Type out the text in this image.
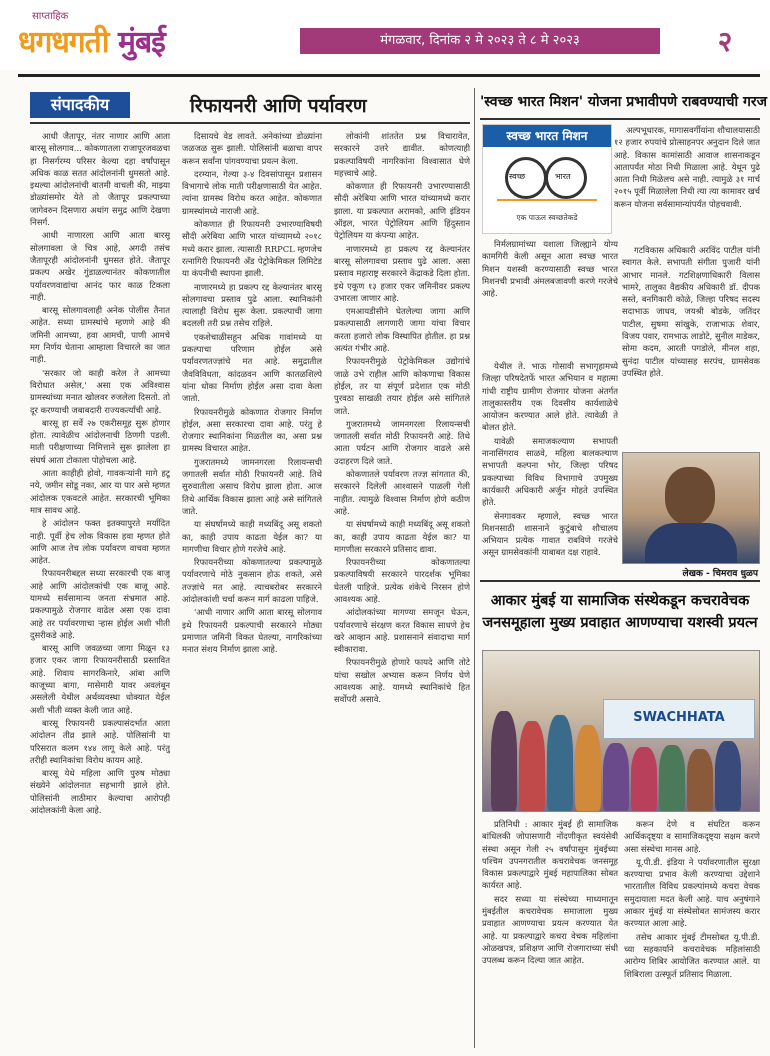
साप्ताहिक
धगधगती मुंबई	मंगळवार, दिनांक २ मे २०२३ ते ८ मे २०२३	२
संपादकीय	रिफायनरी आणि पर्यावरण

आधी जैतापूर, नंतर नाणार आणि आता बारसू सोलगाव... कोकणातला राजापूरजवळचा हा निसर्गरम्य परिसर केल्या दहा वर्षांपासून अधिक काळ सतत आंदोलनांनी धुमसतो आहे. इथल्या आंदोलनांची बातमी वाचली की, माझ्या डोळ्यांसमोर येते तो जैतापूर प्रकल्पाच्या जागेवरुन दिसणारा अथांग समुद्र आणि देखणा निसर्ग.

आधी नाणारला आणि आता बारसू सोलगावला जे चित्र आहे, अगदी तसंच जैतापूरही आंदोलनांनी धुमसत होते. जैतापूर प्रकल्प अखेर गुंडाळल्यानंतर कोकणातील पर्यावरणवाद्यांचा आनंद फार काळ टिकला नाही.

बारसू सोलगावलाही अनेक पोलीस तैनात आहेत. सध्या ग्रामस्थांचे म्हणणे आहे की जमिनी आमच्या, हवा आमची, पाणी आमचे मग निर्णय घेताना आम्हाला विचारले का जात नाही.

'सरकार जो काही करेल ते आमच्या विरोधात असेल,' असा एक अविश्वास ग्रामस्थांच्या मनात खोलवर रुजलेला दिसतो. तो दूर करण्याची जबाबदारी राज्यकर्त्यांची आहे.

बारसू हा सर्वे २७ एकरीसमूह सुरू होणार होता. त्यावेळीच आंदोलनाची ठिणगी पडली. माती परीक्षणाच्या निमित्ताने सुरू झालेला हा संघर्ष आता टोकाला पोहोचला आहे.

आता काहीही होवो, गावकऱ्यांनी मागे हटू नये, जमीन सोडू नका, आर या पार असे म्हणत आंदोलक एकवटले आहेत. सरकारची भूमिका मात्र सावध आहे.

हे आंदोलन फक्त इतक्यापुरते मर्यादित नाही. पूर्वी हेच लोक विकास हवा म्हणत होते आणि आज तेच लोक पर्यावरण वाचवा म्हणत आहेत.

रिफायनरीबद्दल सध्या सरकारची एक बाजू आहे आणि आंदोलकांची एक बाजू आहे. यामध्ये सर्वसामान्य जनता संभ्रमात आहे. प्रकल्पामुळे रोजगार वाढेल असा एक दावा आहे तर पर्यावरणाचा ऱ्हास होईल अशी भीती दुसरीकडे आहे.

बारसू आणि जवळच्या जागा मिळून १३ हजार एकर जागा रिफायनरीसाठी प्रस्तावित आहे. शिवाय सागरकिनारे, आंबा आणि काजूच्या बागा, मासेमारी यावर अवलंबून असलेली येथील अर्थव्यवस्था धोक्यात येईल अशी भीती व्यक्त केली जात आहे.

बारसू रिफायनरी प्रकल्पासंदर्भात आता आंदोलन तीव्र झाले आहे. पोलिसांनी या परिसरात कलम १४४ लागू केले आहे. परंतु तरीही स्थानिकांचा विरोध कायम आहे.

बारसू येथे महिला आणि पुरुष मोठ्या संख्येने आंदोलनात सहभागी झाले होते. पोलिसांनी लाठीमार केल्याचा आरोपही आंदोलकांनी केला आहे.

दिसायचे वेड लावते. अनेकांच्या डोळ्यांना जळजळ सुरू झाली. पोलिसांनी बळाचा वापर करून सर्वांना पांगवण्याचा प्रयत्न केला.

दरम्यान, गेल्या ३-४ दिवसांपासून प्रशासन विभागाचे लोक माती परीक्षणासाठी येत आहेत. त्यांना ग्रामस्थ विरोध करत आहेत. कोकणात ग्रामस्थांमध्ये नाराजी आहे.

कोकणात ही रिफायनरी उभारण्याविषयी सौदी अरेबिया आणि भारत यांच्यामध्ये २०१८ मध्ये करार झाला. त्यासाठी RRPCL म्हणजेच रत्नागिरी रिफायनरी अँड पेट्रोकेमिकल लिमिटेड या कंपनीची स्थापना झाली.

नाणारमध्ये हा प्रकल्प रद्द केल्यानंतर बारसू सोलगावचा प्रस्ताव पुढे आला. स्थानिकांनी त्यालाही विरोध सुरू केला. प्रकल्पाची जागा बदलली तरी प्रश्न तसेच राहिले.

एकशेचाळीसहून अधिक गावांमध्ये या प्रकल्पाचा परिणाम होईल असे पर्यावरणतज्ज्ञांचे मत आहे. समुद्रातील जैवविविधता, कांदळवन आणि कातळशिल्पे यांना धोका निर्माण होईल असा दावा केला जातो.

रिफायनरीमुळे कोकणात रोजगार निर्माण होईल, असा सरकारचा दावा आहे. परंतु हे रोजगार स्थानिकांना मिळतील का, असा प्रश्न ग्रामस्थ विचारत आहेत.

गुजरातमध्ये जामनगरला रिलायन्सची जगातली सर्वात मोठी रिफायनरी आहे. तिथे सुरुवातीला असाच विरोध झाला होता. आज तिथे आर्थिक विकास झाला आहे असे सांगितले जाते.

या संघर्षामध्ये काही मध्यबिंदू असू शकतो का, काही उपाय काढता येईल का? या मागणीचा विचार होणे गरजेचे आहे.

रिफायनरीच्या कोकणातल्या प्रकल्पामुळे पर्यावरणाचे मोठे नुकसान होऊ शकते, असे तज्ज्ञांचे मत आहे. त्याचबरोबर सरकारने आंदोलकांशी चर्चा करून मार्ग काढला पाहिजे.

'आधी नाणार आणि आता बारसू सोलगाव इथे रिफायनरी प्रकल्पाची सरकारने मोठ्या प्रमाणात जमिनी विकत घेतल्या, नागरिकांच्या मनात संशय निर्माण झाला आहे.

लोकांनी शांततेत प्रश्न विचारावेत, सरकारने उत्तरे द्यावीत. कोणत्याही प्रकल्पाविषयी नागरिकांना विश्वासात घेणे महत्त्वाचे आहे.

कोकणात ही रिफायनरी उभारण्यासाठी सौदी अरेबिया आणि भारत यांच्यामध्ये करार झाला. या प्रकल्पात अरामको, आणि इंडियन ऑइल, भारत पेट्रोलियम आणि हिंदुस्तान पेट्रोलियम या कंपन्या आहेत.

नाणारमध्ये हा प्रकल्प रद्द केल्यानंतर बारसू सोलगावचा प्रस्ताव पुढे आला. असा प्रस्ताव महाराष्ट्र सरकारने केंद्राकडे दिला होता. इथे एकूण १३ हजार एकर जमिनीवर प्रकल्प उभारला जाणार आहे.

एमआयडीसीने घेतलेल्या जागा आणि प्रकल्पासाठी लागणारी जागा यांचा विचार करता हजारो लोक विस्थापित होतील. हा प्रश्न अत्यंत गंभीर आहे.

रिफायनरीमुळे पेट्रोकेमिकल उद्योगांचे जाळे उभे राहील आणि कोकणाचा विकास होईल, तर या संपूर्ण प्रदेशात एक मोठी पुरवठा साखळी तयार होईल असे सांगितले जाते.

गुजरातमध्ये जामनगरला रिलायन्सची जगातली सर्वात मोठी रिफायनरी आहे. तिथे आता पर्यटन आणि रोजगार वाढले असे उदाहरण दिले जाते.

कोकणातले पर्यावरण तज्ज्ञ सांगतात की, सरकारने दिलेली आश्वासने पाळली गेली नाहीत. त्यामुळे विश्वास निर्माण होणे कठीण आहे.

या संघर्षामध्ये काही मध्यबिंदू असू शकतो का, काही उपाय काढता येईल का? या मागणीला सरकारने प्रतिसाद द्यावा.

रिफायनरीच्या कोकणातल्या प्रकल्पाविषयी सरकारने पारदर्शक भूमिका घेतली पाहिजे. प्रत्येक शंकेचे निरसन होणे आवश्यक आहे.

आंदोलकांच्या मागण्या समजून घेऊन, पर्यावरणाचे संरक्षण करत विकास साधणे हेच खरे आव्हान आहे. प्रशासनाने संवादाचा मार्ग स्वीकारावा.

रिफायनरीमुळे होणारे फायदे आणि तोटे यांचा सखोल अभ्यास करून निर्णय घेणे आवश्यक आहे. यामध्ये स्थानिकांचे हित सर्वोपरी असावे.

'स्वच्छ भारत मिशन' योजना प्रभावीपणे राबवण्याची गरज
स्वच्छ भारत मिशन
स्वच्छ	भारत
एक पाऊल स्वच्छतेकडे

अल्पभूधारक, मागासवर्गीयांना शौचालयासाठी १२ हजार रुपयांचे प्रोत्साहनपर अनुदान दिले जात आहे. विकास कामांसाठी आवाज शासनाकडून आतापर्यंत मोठा निधी मिळाला आहे. येथून पुढे आता निधी मिळेलच असे नाही. त्यामुळे ३१ मार्च २०१५ पूर्वी मिळालेला निधी त्या त्या कामावर खर्च करून योजना सर्वसामान्यांपर्यंत पोहचवावी.

निर्मलग्रामांच्या यशाला जिल्ह्याने योग्य कामगिरी केली असून आता स्वच्छ भारत मिशन यशस्वी करण्यासाठी स्वच्छ भारत मिशनची प्रभावी अंमलबजावणी करणे गरजेचे आहे.

येथील ते. भाऊ गोसावी सभागृहामध्ये जिल्हा परिषदेतर्फे भारत अभियान व महात्मा गांधी राष्ट्रीय ग्रामीण रोजगार योजना अंतर्गत तालुकास्तरीय एक दिवसीय कार्यशाळेचे आयोजन करण्यात आले होते. त्यावेळी ते बोलत होते.

यावेळी समाजकल्याण सभापती नानासिंगराव साळवे, महिला बालकल्याण सभापती कल्पना भोर, जिल्हा परिषद प्रकल्पाच्या विविध विभागाचे उपमुख्य कार्यकारी अधिकारी अर्जुन मोहते उपस्थित होते.

सेनगावकर म्हणाले, स्वच्छ भारत मिशनसाठी शासनाने कुटुंबाचे शौचालय अभियान प्रत्येक गावात राबविणे गरजेचे असून ग्रामसेवकांनी याबाबत दक्ष राहावे.

गटविकास अधिकारी अरविंद पाटील यांनी स्वागत केले. सभापती संगीता पुजारी यांनी आभार मानले. गटशिक्षणाधिकारी विलास भामरे, तालुका वैद्यकीय अधिकारी डॉ. दीपक सस्ते, बनगिकारी कोळे, जिल्हा परिषद सदस्य सदाभाऊ जाधव, जयश्री बोडके, जतिंदर पाटील, सुषमा सांखुके, राजाभाऊ शेवार, विजय पवार, रामभाऊ लाडोटे, सुनील माडेकर, सोमा कदम, आरती पगडोले, मीनल शहा, सुनंदा पाटील यांच्यासह सरपंच, ग्रामसेवक उपस्थित होते.

लेखक - चिमराव धुळप
आकार मुंबई या सामाजिक संस्थेकडून कचरावेचक जनसमूहाला मुख्य प्रवाहात आणण्याचा यशस्वी प्रयत्न
SWACHHATA

प्रतिनिधी : आकार मुंबई ही सामाजिक बांधिलकी जोपासणारी नोंदणीकृत स्वयंसेवी संस्था असून गेली २५ वर्षांपासून मुंबईच्या पश्चिम उपनगरातील कचरावेचक जनसमूह विकास प्रकल्पाद्वारे मुंबई महापालिका सोबत कार्यरत आहे.

सदर सध्या या संस्थेच्या माध्यमातून मुंबईतील कचरावेचक समाजाला मुख्य प्रवाहात आणण्याचा प्रयत्न करण्यात येत आहे. या प्रकल्पाद्वारे कचरा वेचक महिलांना ओळखपत्र, प्रशिक्षण आणि रोजगाराच्या संधी उपलब्ध करून दिल्या जात आहेत.

करून देणे व संघटित करून आर्थिकदृष्ट्या व सामाजिकदृष्ट्या सक्षम करणे असा संस्थेचा मानस आहे.

यू.पी.डी. इंडिया ने पर्यावरणातील सुरक्षा करण्याचा प्रभाव केली करण्याचा उद्देशाने भारतातील विविध प्रकल्पांमध्ये कचरा वेचक समुदायाला मदत केली आहे. याच अनुषंगाने आकार मुंबई या संस्थेसोबत सामंजस्य करार करण्यात आला आहे.

तसेच आकार मुंबई टीमसोबत यू.पी.डी. च्या सहकार्याने कचरावेचक महिलांसाठी आरोग्य शिबिर आयोजित करण्यात आले. या शिबिराला उत्स्फूर्त प्रतिसाद मिळाला.
